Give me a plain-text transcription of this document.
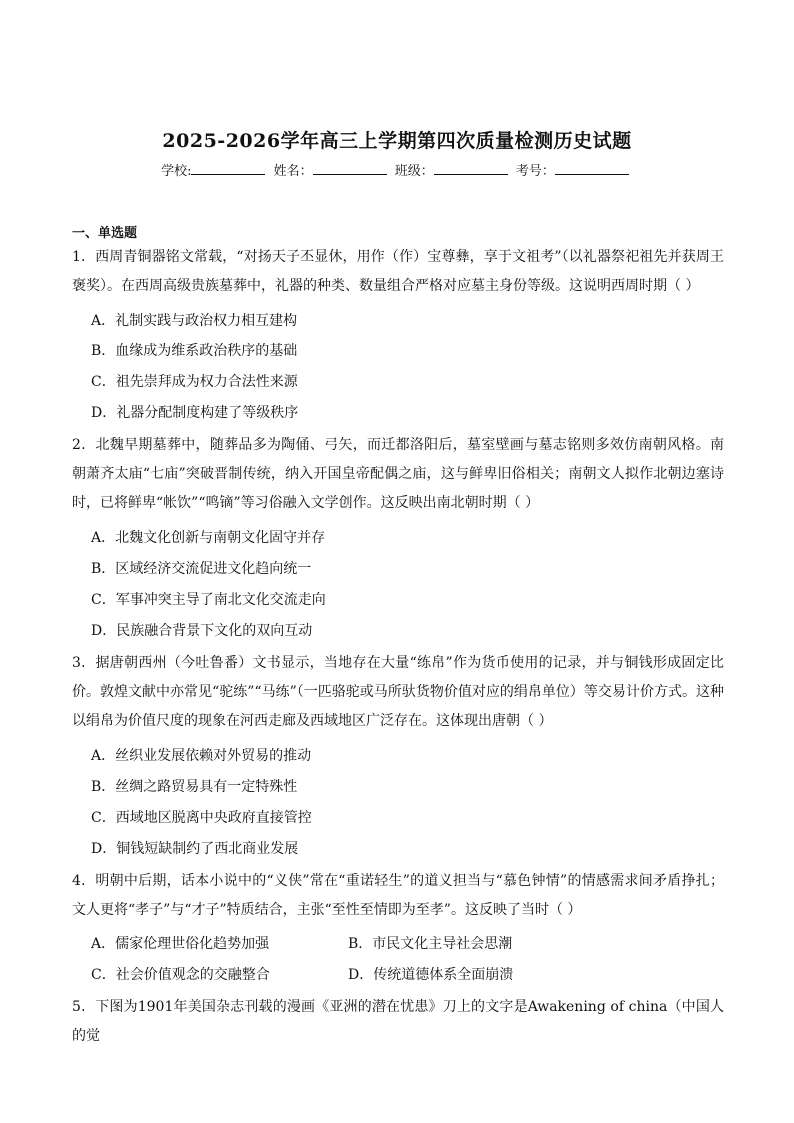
2025-2026学年高三上学期第四次质量检测历史试题
学校:	姓名：	班级：	考号：
一、单选题
1．西周青铜器铭文常载，“对扬天子丕显休，用作（作）宝尊彝，享于文祖考”（以礼器祭祀祖先并获周王褒奖）。在西周高级贵族墓葬中，礼器的种类、数量组合严格对应墓主身份等级。这说明西周时期（ ）
A．礼制实践与政治权力相互建构
B．血缘成为维系政治秩序的基础
C．祖先崇拜成为权力合法性来源
D．礼器分配制度构建了等级秩序
2．北魏早期墓葬中，随葬品多为陶俑、弓矢，而迁都洛阳后，墓室壁画与墓志铭则多效仿南朝风格。南朝萧齐太庙“七庙”突破晋制传统，纳入开国皇帝配偶之庙，这与鲜卑旧俗相关；南朝文人拟作北朝边塞诗时，已将鲜卑“帐饮”“鸣镝”等习俗融入文学创作。这反映出南北朝时期（ ）
A．北魏文化创新与南朝文化固守并存
B．区域经济交流促进文化趋向统一
C．军事冲突主导了南北文化交流走向
D．民族融合背景下文化的双向互动
3．据唐朝西州（今吐鲁番）文书显示，当地存在大量“练帛”作为货币使用的记录，并与铜钱形成固定比价。敦煌文献中亦常见“驼练”“马练”（一匹骆驼或马所驮货物价值对应的绢帛单位）等交易计价方式。这种以绢帛为价值尺度的现象在河西走廊及西域地区广泛存在。这体现出唐朝（ ）
A．丝织业发展依赖对外贸易的推动
B．丝绸之路贸易具有一定特殊性
C．西域地区脱离中央政府直接管控
D．铜钱短缺制约了西北商业发展
4．明朝中后期，话本小说中的“义侠”常在“重诺轻生”的道义担当与“慕色钟情”的情感需求间矛盾挣扎；文人更将“孝子”与“才子”特质结合，主张“至性至情即为至孝”。这反映了当时（ ）
A．儒家伦理世俗化趋势加强	B．市民文化主导社会思潮
C．社会价值观念的交融整合	D．传统道德体系全面崩溃
5．下图为1901年美国杂志刊载的漫画《亚洲的潜在忧患》刀上的文字是Awakening of china（中国人的觉
